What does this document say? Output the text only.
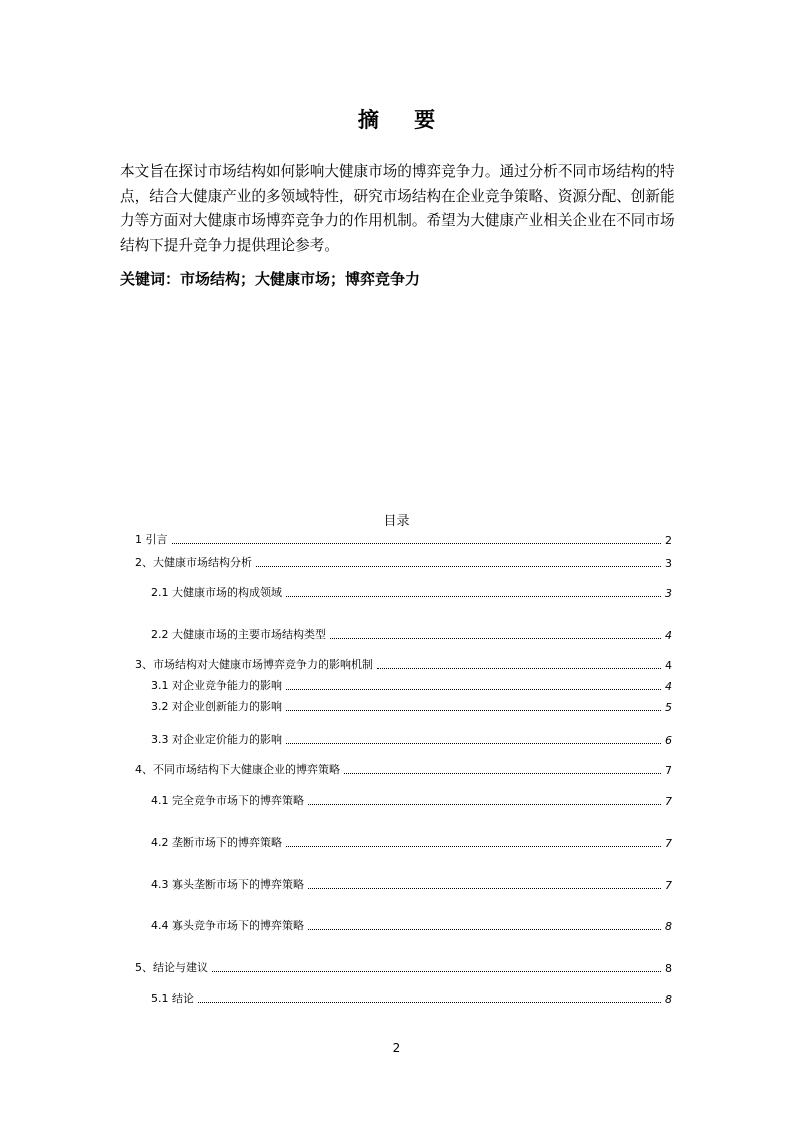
摘 要
本文旨在探讨市场结构如何影响大健康市场的博弈竞争力。通过分析不同市场结构的特点，结合大健康产业的多领域特性，研究市场结构在企业竞争策略、资源分配、创新能力等方面对大健康市场博弈竞争力的作用机制。希望为大健康产业相关企业在不同市场结构下提升竞争力提供理论参考。
关键词：市场结构；大健康市场；博弈竞争力
目录
1 引言	2
2、大健康市场结构分析	3
2.1 大健康市场的构成领域	3
2.2 大健康市场的主要市场结构类型	4
3、市场结构对大健康市场博弈竞争力的影响机制	4
3.1 对企业竞争能力的影响	4
3.2 对企业创新能力的影响	5
3.3 对企业定价能力的影响	6
4、不同市场结构下大健康企业的博弈策略	7
4.1 完全竞争市场下的博弈策略	7
4.2 垄断市场下的博弈策略	7
4.3 寡头垄断市场下的博弈策略	7
4.4 寡头竞争市场下的博弈策略	8
5、结论与建议	8
5.1 结论	8
2
